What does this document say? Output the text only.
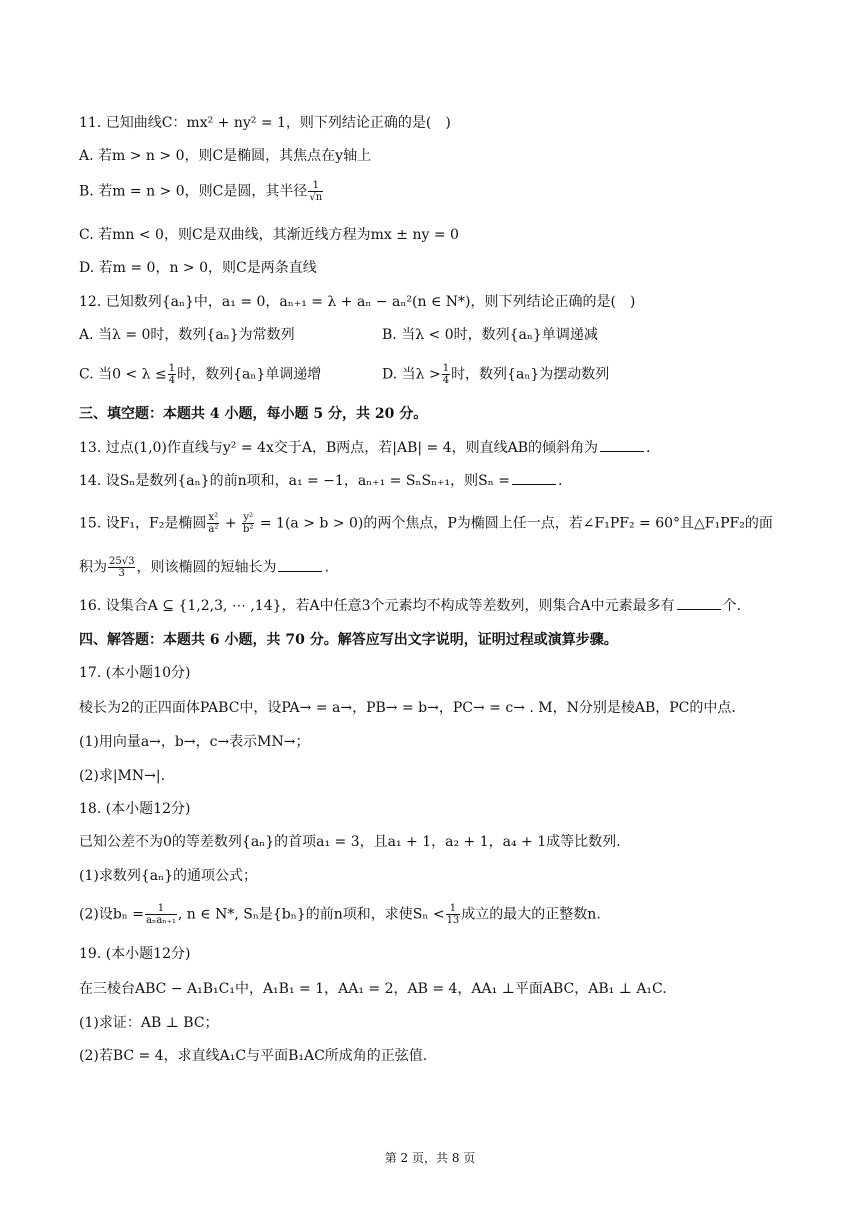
11. 已知曲线C：mx² + ny² = 1，则下列结论正确的是(　)
A. 若m > n > 0，则C是椭圆，其焦点在y轴上
B. 若m = n > 0，则C是圆，其半径 $\frac{1}{√n}$
C. 若mn < 0，则C是双曲线，其渐近线方程为mx ± ny = 0
D. 若m = 0，n > 0，则C是两条直线
12. 已知数列{aₙ}中，a₁ = 0，aₙ₊₁ = λ + aₙ − aₙ²(n ∈ N*)，则下列结论正确的是(　)
A. 当λ = 0时，数列{aₙ}为常数列	B. 当λ < 0时，数列{aₙ}单调递减
C. 当$0 < \lambda \le \frac{1}{4}$ 时，数列{aₙ}单调递增	D. 当$\lambda > \frac{1}{4}$ 时，数列{aₙ}为摆动数列
三、填空题：本题共 4 小题，每小题 5 分，共 20 分。
13. 过点(1,0)作直线与y² = 4x交于A，B两点，若|AB| = 4，则直线AB的倾斜角为	.
14. 设Sₙ是数列{aₙ}的前n项和，a₁ = −1，aₙ₊₁ = SₙSₙ₊₁，则Sₙ =	.
15. 设F₁，F₂是椭圆 $\frac{\text{x²}}{\text{a²}} + \frac{\text{y²}}{\text{b²}} = 1(a > b > 0)$的两个焦点，P为椭圆上任一点，若∠F₁PF₂ = 60°且△F₁PF₂的面
积为 $\frac{25√3}{3}$ ，则该椭圆的短轴长为	.
16. 设集合A ⊆ {1,2,3, ⋯ ,14}，若A中任意3个元素均不构成等差数列，则集合A中元素最多有	个.
四、解答题：本题共 6 小题，共 70 分。解答应写出文字说明，证明过程或演算步骤。
17. (本小题10分)
棱长为2的正四面体PABC中，设PA→ = a→，PB→ = b→，PC→ = c→ . M，N分别是棱AB，PC的中点.
(1)用向量a→，b→，c→表示MN→；
(2)求|MN→|.
18. (本小题12分)
已知公差不为0的等差数列{aₙ}的首项a₁ = 3，且a₁ + 1，a₂ + 1，a₄ + 1成等比数列.
(1)求数列{aₙ}的通项公式；
(2)设$b_n = \frac{1}{\text{aₙaₙ₊₁}}$ , n ∈ N*, Sₙ是{bₙ}的前n项和，求使$S_n < \frac{1}{13}$ 成立的最大的正整数n.
19. (本小题12分)
在三棱台ABC − A₁B₁C₁中，A₁B₁ = 1，AA₁ = 2，AB = 4，AA₁ ⊥平面ABC，AB₁ ⊥ A₁C.
(1)求证：AB ⊥ BC；
(2)若BC = 4，求直线A₁C与平面B₁AC所成角的正弦值.
第 2 页，共 8 页
